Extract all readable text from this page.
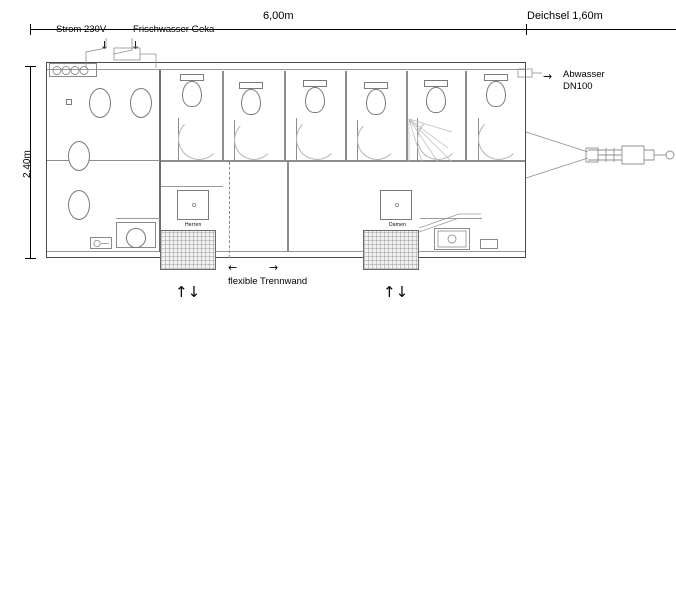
6,00m	Deichsel 1,60m
2,40m
Strom 230V
↓
Frischwasser Geka
↓
→ Abwasser
DN100
Herren	Damen
←	→
flexible Trennwand
↑↓	↑↓
